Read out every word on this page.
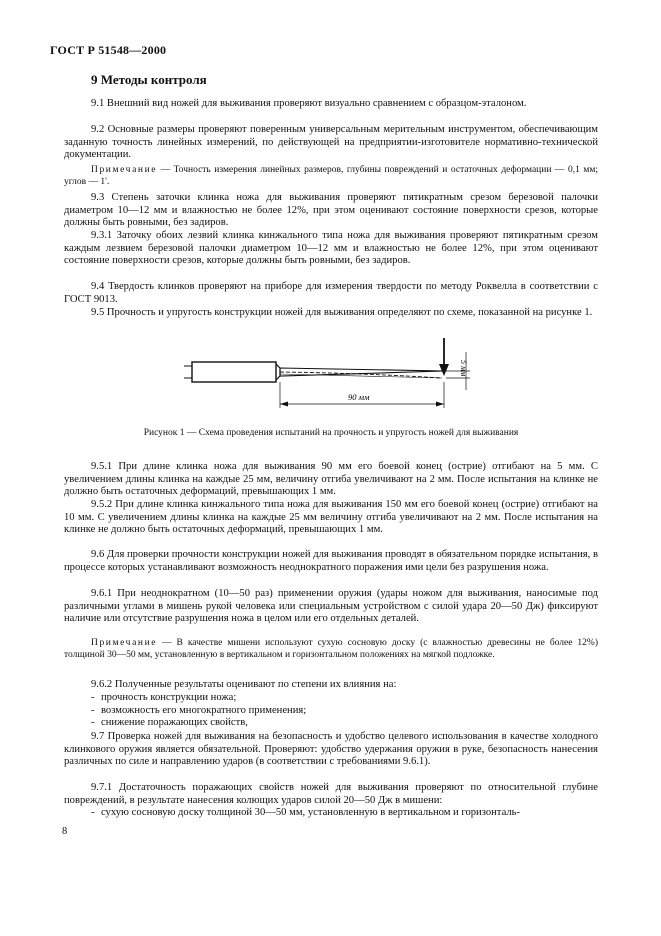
ГОСТ Р 51548—2000
9 Методы контроля

9.1 Внешний вид ножей для выживания проверяют визуально сравнением с образцом-эталоном.

9.2 Основные размеры проверяют поверенным универсальным мерительным инструментом, обеспечивающим заданную точность линейных измерений, по действующей на предприятии-изготовителе нормативно-технической документации.

Примечание — Точность измерения линейных размеров, глубины повреждений и остаточных деформации — 0,1 мм; углов — 1'.

9.3 Степень заточки клинка ножа для выживания проверяют пятикратным срезом березовой палочки диаметром 10—12 мм и влажностью не более 12%, при этом оценивают состояние поверхности срезов, которые должны быть ровными, без задиров.

9.3.1 Заточку обоих лезвий клинка кинжального типа ножа для выживания проверяют пятикратным срезом каждым лезвием березовой палочки диаметром 10—12 мм и влажностью не более 12%, при этом оценивают состояние поверхности срезов, которые должны быть ровными, без задиров.

9.4 Твердость клинков проверяют на приборе для измерения твердости по методу Роквелла в соответствии с ГОСТ 9013.

9.5 Прочность и упругость конструкции ножей для выживания определяют по схеме, показанной на рисунке 1.

5 мм
90 мм
Рисунок 1 — Схема проведения испытаний на прочность и упругость ножей для выживания

9.5.1 При длине клинка ножа для выживания 90 мм его боевой конец (острие) отгибают на 5 мм. С увеличением длины клинка на каждые 25 мм, величину отгиба увеличивают на 2 мм. После испытания на клинке не должно быть остаточных деформаций, превышающих 1 мм.

9.5.2 При длине клинка кинжального типа ножа для выживания 150 мм его боевой конец (острие) отгибают на 10 мм. С увеличением длины клинка на каждые 25 мм величину отгиба увеличивают на 2 мм. После испытания на клинке не должно быть остаточных деформаций, превышающих 1 мм.

9.6 Для проверки прочности конструкции ножей для выживания проводят в обязательном порядке испытания, в процессе которых устанавливают возможность неоднократного поражения ими цели без разрушения ножа.

9.6.1 При неоднократном (10—50 раз) применении оружия (удары ножом для выживания, наносимые под различными углами в мишень рукой человека или специальным устройством с силой удара 20—50 Дж) фиксируют наличие или отсутствие разрушения ножа в целом или его отдельных деталей.

Примечание — В качестве мишени используют сухую сосновую доску (с влажностью древесины не более 12%) толщиной 30—50 мм, установленную в вертикальном и горизонтальном положениях на мягкой подложке.

9.6.2 Полученные результаты оценивают по степени их влияния на:

- прочность конструкции ножа;
- возможность его многократного применения;
- снижение поражающих свойств,

9.7 Проверка ножей для выживания на безопасность и удобство целевого использования в качестве холодного клинкового оружия является обязательной. Проверяют: удобство удержания оружия в руке, безопасность нанесения различных по силе и направлению ударов (в соответствии с требованиями 9.6.1).

9.7.1 Достаточность поражающих свойств ножей для выживания проверяют по относительной глубине повреждений, в результате нанесения колющих ударов силой 20—50 Дж в мишени:

- сухую сосновую доску толщиной 30—50 мм, установленную в вертикальном и горизонталь-
8
